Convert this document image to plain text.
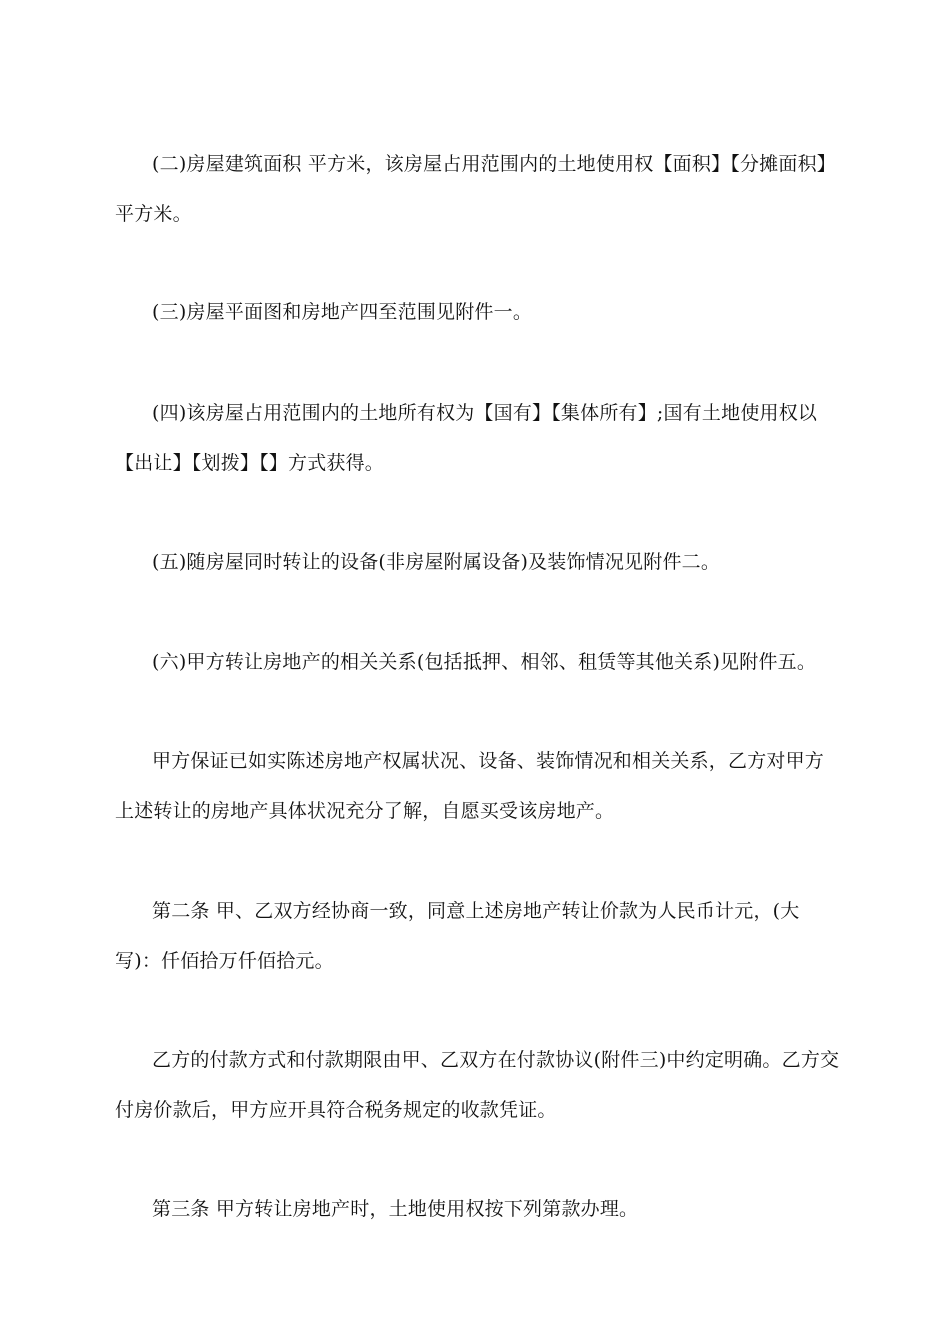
(二)房屋建筑面积 平方米，该房屋占用范围内的土地使用权【面积】【分摊面积】 平方米。

(三)房屋平面图和房地产四至范围见附件一。

(四)该房屋占用范围内的土地所有权为【国有】【集体所有】;国有土地使用权以【出让】【划拨】【】方式获得。

(五)随房屋同时转让的设备(非房屋附属设备)及装饰情况见附件二。

(六)甲方转让房地产的相关关系(包括抵押、相邻、租赁等其他关系)见附件五。

甲方保证已如实陈述房地产权属状况、设备、装饰情况和相关关系，乙方对甲方上述转让的房地产具体状况充分了解，自愿买受该房地产。

第二条 甲、乙双方经协商一致，同意上述房地产转让价款为人民币计元，(大写)：仟佰拾万仟佰拾元。

乙方的付款方式和付款期限由甲、乙双方在付款协议(附件三)中约定明确。乙方交付房价款后，甲方应开具符合税务规定的收款凭证。

第三条 甲方转让房地产时，土地使用权按下列第款办理。
